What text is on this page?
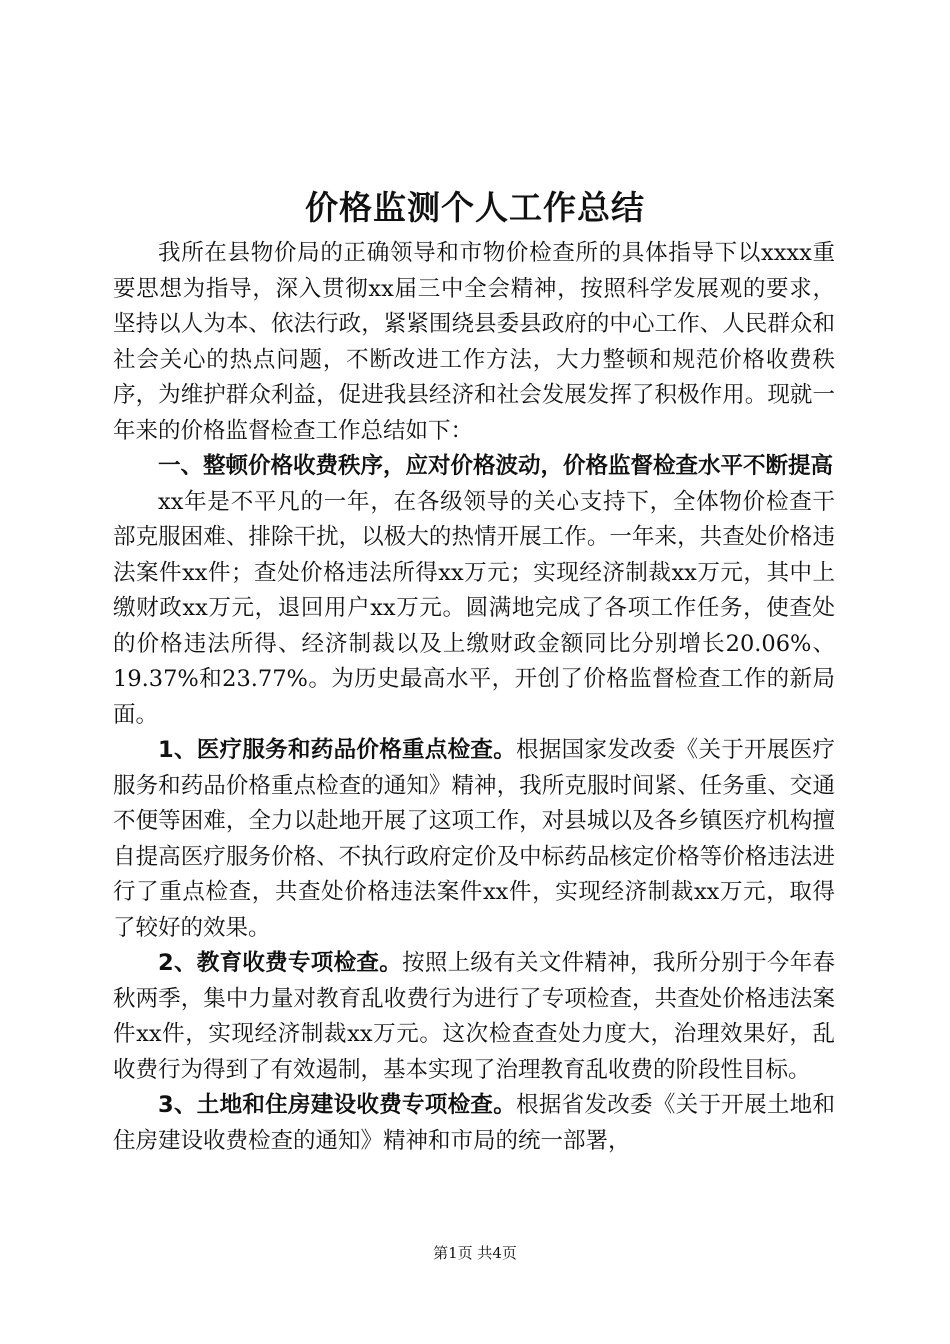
价格监测个人工作总结

我所在县物价局的正确领导和市物价检查所的具体指导下以xxxx重要思想为指导，深入贯彻xx届三中全会精神，按照科学发展观的要求，坚持以人为本、依法行政，紧紧围绕县委县政府的中心工作、人民群众和社会关心的热点问题，不断改进工作方法，大力整顿和规范价格收费秩序，为维护群众利益，促进我县经济和社会发展发挥了积极作用。现就一年来的价格监督检查工作总结如下：

一、整顿价格收费秩序，应对价格波动，价格监督检查水平不断提高

xx年是不平凡的一年，在各级领导的关心支持下，全体物价检查干部克服困难、排除干扰，以极大的热情开展工作。一年来，共查处价格违法案件xx件；查处价格违法所得xx万元；实现经济制裁xx万元，其中上缴财政xx万元，退回用户xx万元。圆满地完成了各项工作任务，使查处的价格违法所得、经济制裁以及上缴财政金额同比分别增长20.06%、19.37%和23.77%。为历史最高水平，开创了价格监督检查工作的新局面。

1、医疗服务和药品价格重点检查。根据国家发改委《关于开展医疗服务和药品价格重点检查的通知》精神，我所克服时间紧、任务重、交通不便等困难，全力以赴地开展了这项工作，对县城以及各乡镇医疗机构擅自提高医疗服务价格、不执行政府定价及中标药品核定价格等价格违法进行了重点检查，共查处价格违法案件xx件，实现经济制裁xx万元，取得了较好的效果。

2、教育收费专项检查。按照上级有关文件精神，我所分别于今年春秋两季，集中力量对教育乱收费行为进行了专项检查，共查处价格违法案件xx件，实现经济制裁xx万元。这次检查查处力度大，治理效果好，乱收费行为得到了有效遏制，基本实现了治理教育乱收费的阶段性目标。

3、土地和住房建设收费专项检查。根据省发改委《关于开展土地和住房建设收费检查的通知》精神和市局的统一部署，

第1页 共4页
